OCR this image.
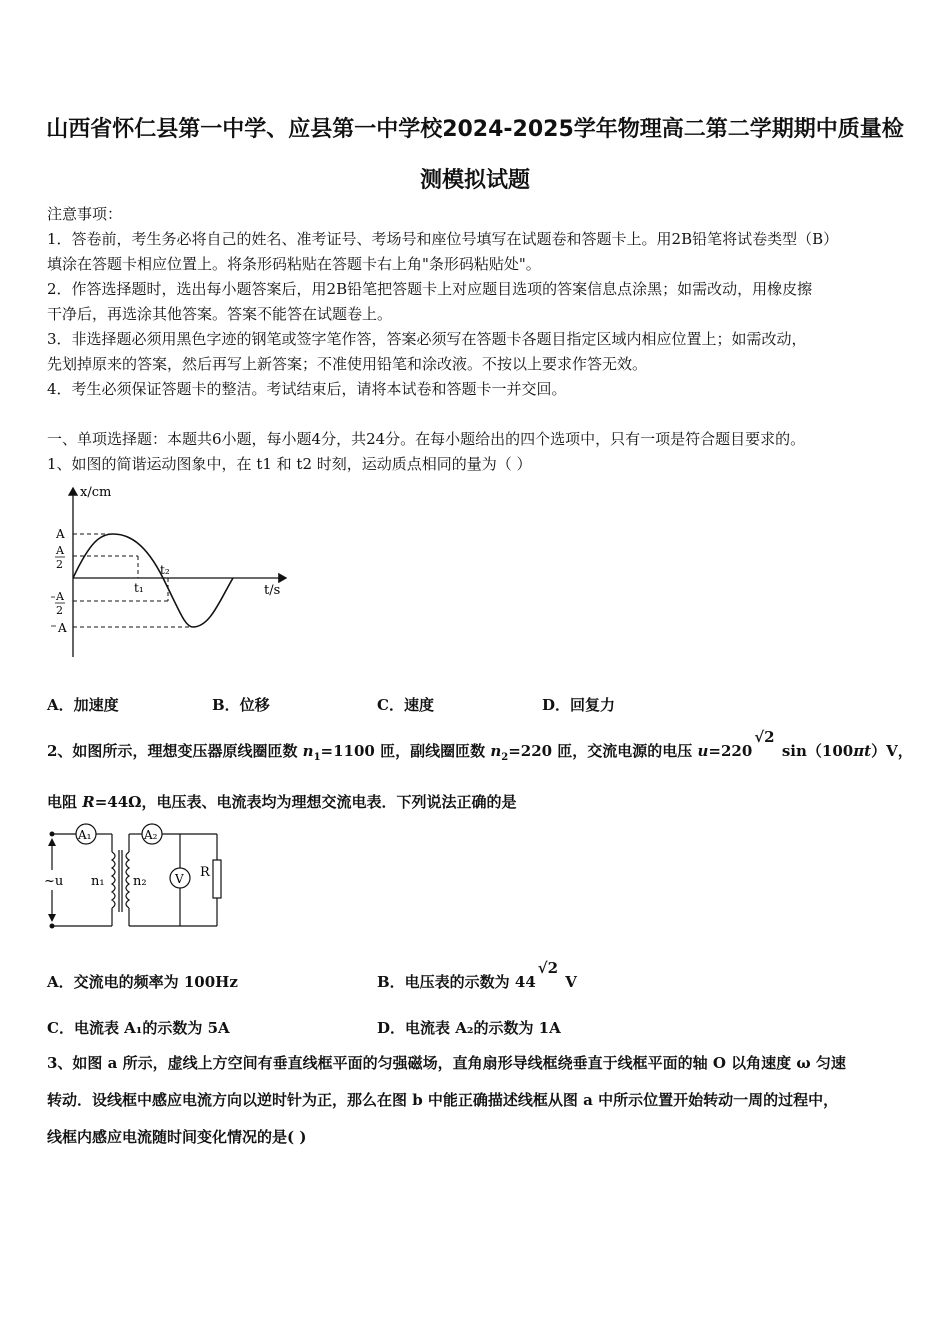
山西省怀仁县第一中学、应县第一中学校2024-2025学年物理高二第二学期期中质量检
测模拟试题
注意事项：
1．答卷前，考生务必将自己的姓名、准考证号、考场号和座位号填写在试题卷和答题卡上。用2B铅笔将试卷类型（B）
填涂在答题卡相应位置上。将条形码粘贴在答题卡右上角"条形码粘贴处"。
2．作答选择题时，选出每小题答案后，用2B铅笔把答题卡上对应题目选项的答案信息点涂黑；如需改动，用橡皮擦
干净后，再选涂其他答案。答案不能答在试题卷上。
3．非选择题必须用黑色字迹的钢笔或签字笔作答，答案必须写在答题卡各题目指定区域内相应位置上；如需改动，
先划掉原来的答案，然后再写上新答案；不准使用铅笔和涂改液。不按以上要求作答无效。
4．考生必须保证答题卡的整洁。考试结束后，请将本试卷和答题卡一并交回。
一、单项选择题：本题共6小题，每小题4分，共24分。在每小题给出的四个选项中，只有一项是符合题目要求的。
1、如图的简谐运动图象中，在 t1 和 t2 时刻，运动质点相同的量为（ ）
x/cm
t/s
A
A
2
A
2
A
t₁
t₂
A．加速度	B．位移	C．速度	D．回复力
2、如图所示，理想变压器原线圈匝数 $n_1=1100$ 匝，副线圈匝数 $n_2=220$ 匝，交流电源的电压 u=220√2 sin（100πt）V，
电阻 R=44Ω，电压表、电流表均为理想交流电表．下列说法正确的是
A₁	A₂
~u n₁ n₂ V R
A．交流电的频率为 100Hz	B．电压表的示数为 44√2 V
C．电流表 A₁的示数为 5A	D．电流表 A₂的示数为 1A
3、如图 a 所示，虚线上方空间有垂直线框平面的匀强磁场，直角扇形导线框绕垂直于线框平面的轴 O 以角速度 ω 匀速
转动．设线框中感应电流方向以逆时针为正，那么在图 b 中能正确描述线框从图 a 中所示位置开始转动一周的过程中，
线框内感应电流随时间变化情况的是( )
